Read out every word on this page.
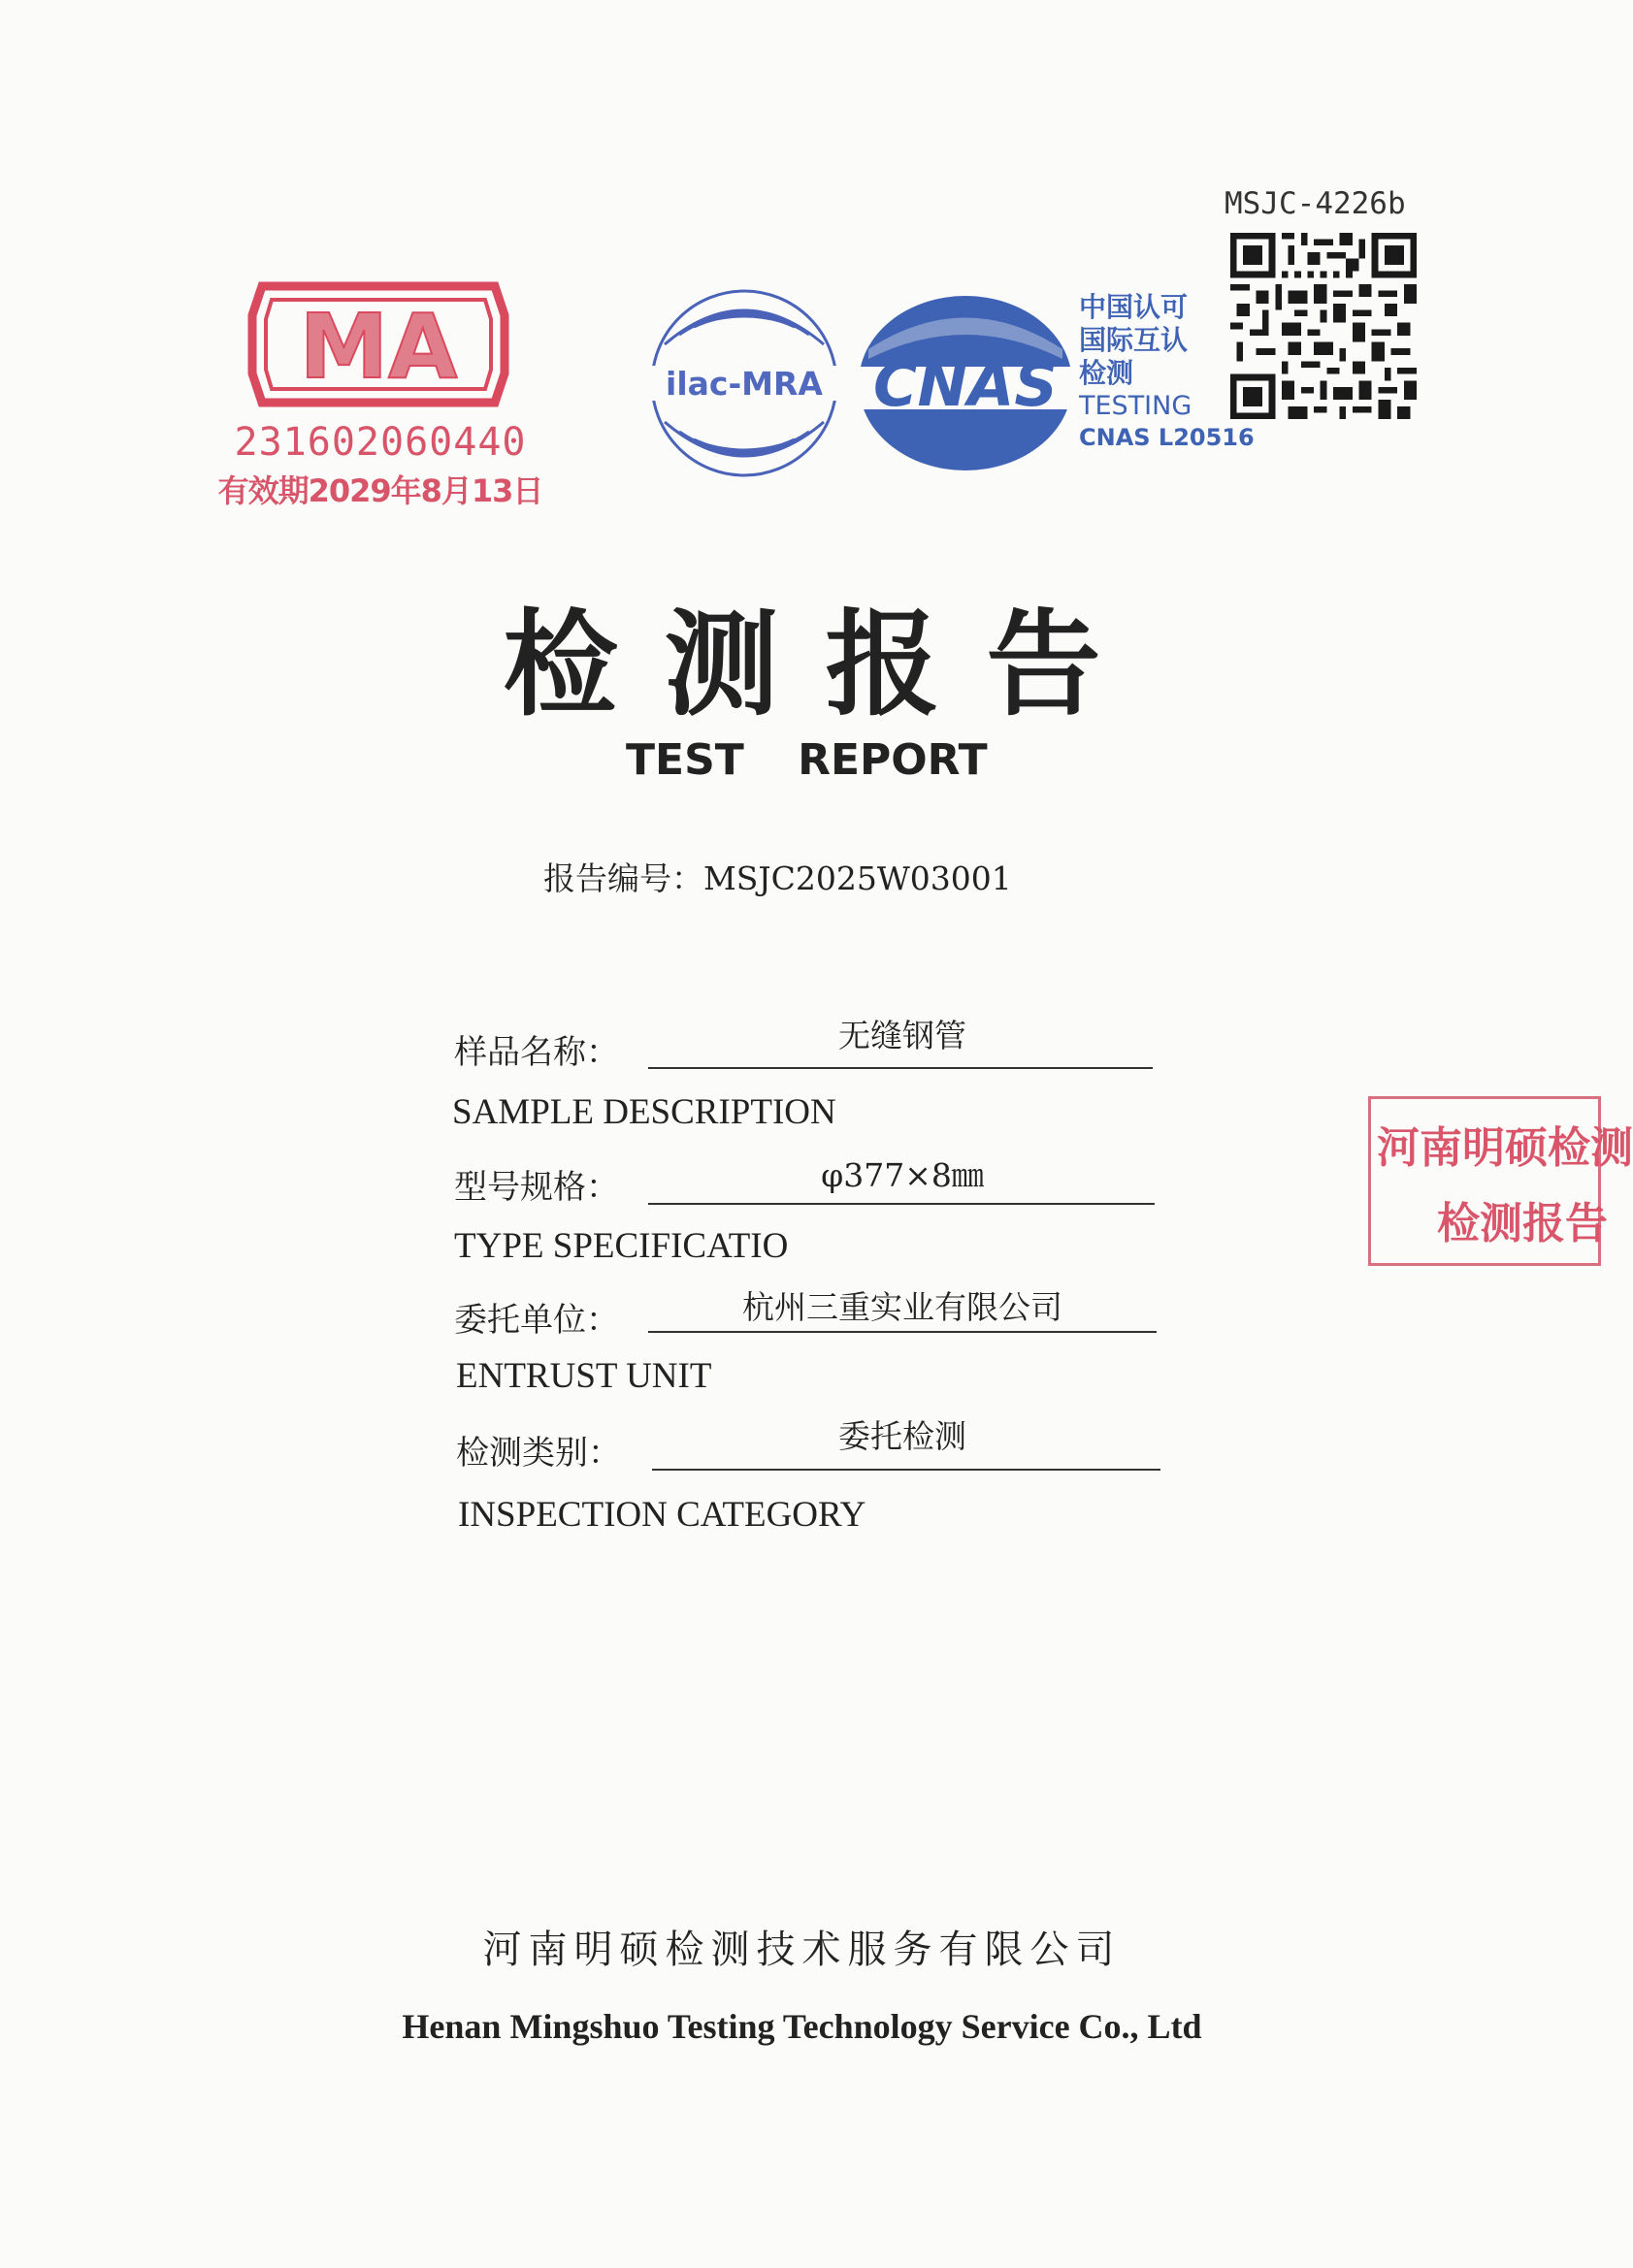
MA
231602060440
有效期2029年8月13日
ilac-MRA CNAS
中国认可
国际互认
检测
TESTING
CNAS L20516
MSJC-4226b
检测报告
TEST REPORT
报告编号：MSJC2025W03001
样品名称：	无缝钢管
SAMPLE DESCRIPTION
型号规格：	φ377×8㎜
TYPE SPECIFICATIO
委托单位：	杭州三重实业有限公司
ENTRUST UNIT
检测类别：	委托检测
INSPECTION CATEGORY
河南明硕检测
检测报告
河南明硕检测技术服务有限公司
Henan Mingshuo Testing Technology Service Co., Ltd
